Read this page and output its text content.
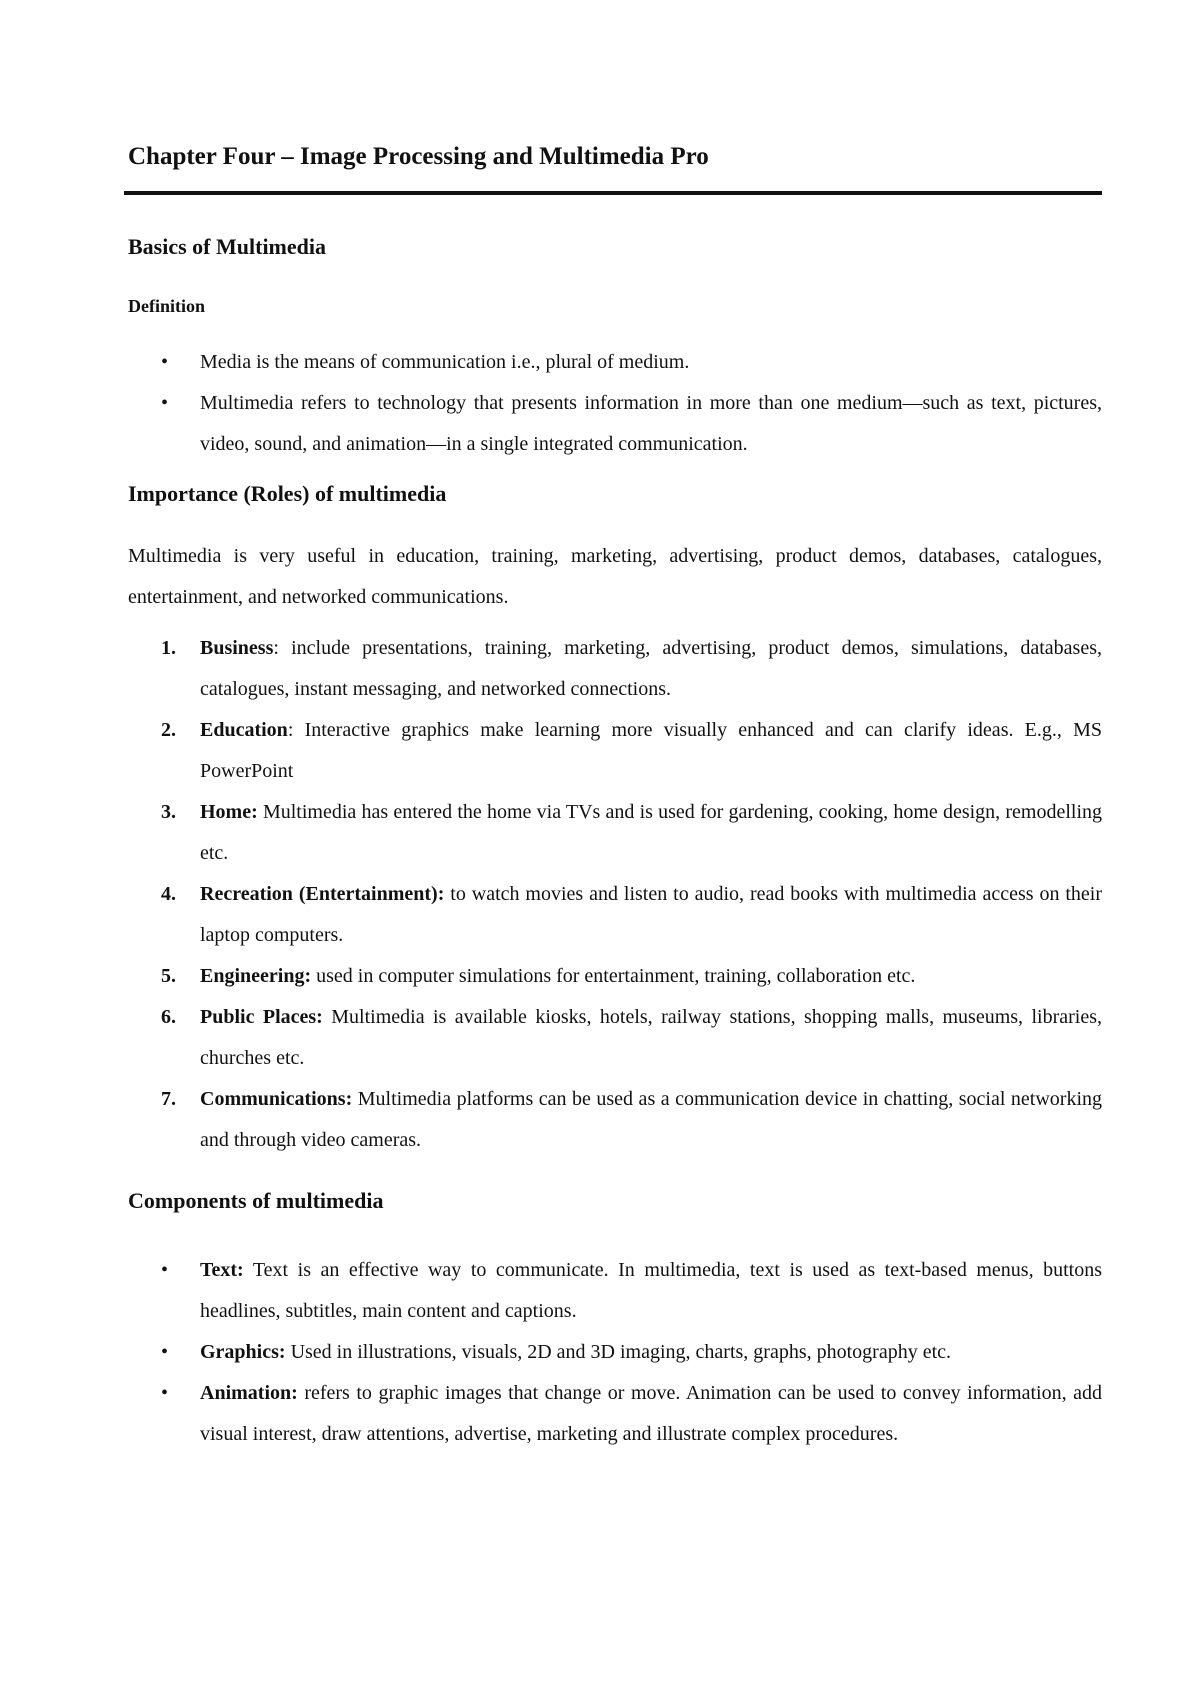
Chapter Four – Image Processing and Multimedia Pro
Basics of Multimedia
Definition
• Media is the means of communication i.e., plural of medium.
• Multimedia refers to technology that presents information in more than one medium—such as text, pictures, video, sound, and animation—in a single integrated communication.
Importance (Roles) of multimedia
Multimedia is very useful in education, training, marketing, advertising, product demos, databases, catalogues, entertainment, and networked communications.
1. Business: include presentations, training, marketing, advertising, product demos, simulations, databases, catalogues, instant messaging, and networked connections.
2. Education: Interactive graphics make learning more visually enhanced and can clarify ideas. E.g., MS PowerPoint
3. Home: Multimedia has entered the home via TVs and is used for gardening, cooking, home design, remodelling etc.
4. Recreation (Entertainment): to watch movies and listen to audio, read books with multimedia access on their laptop computers.
5. Engineering: used in computer simulations for entertainment, training, collaboration etc.
6. Public Places: Multimedia is available kiosks, hotels, railway stations, shopping malls, museums, libraries, churches etc.
7. Communications: Multimedia platforms can be used as a communication device in chatting, social networking and through video cameras.
Components of multimedia
• Text: Text is an effective way to communicate. In multimedia, text is used as text-based menus, buttons headlines, subtitles, main content and captions.
• Graphics: Used in illustrations, visuals, 2D and 3D imaging, charts, graphs, photography etc.
• Animation: refers to graphic images that change or move. Animation can be used to convey information, add visual interest, draw attentions, advertise, marketing and illustrate complex procedures.
